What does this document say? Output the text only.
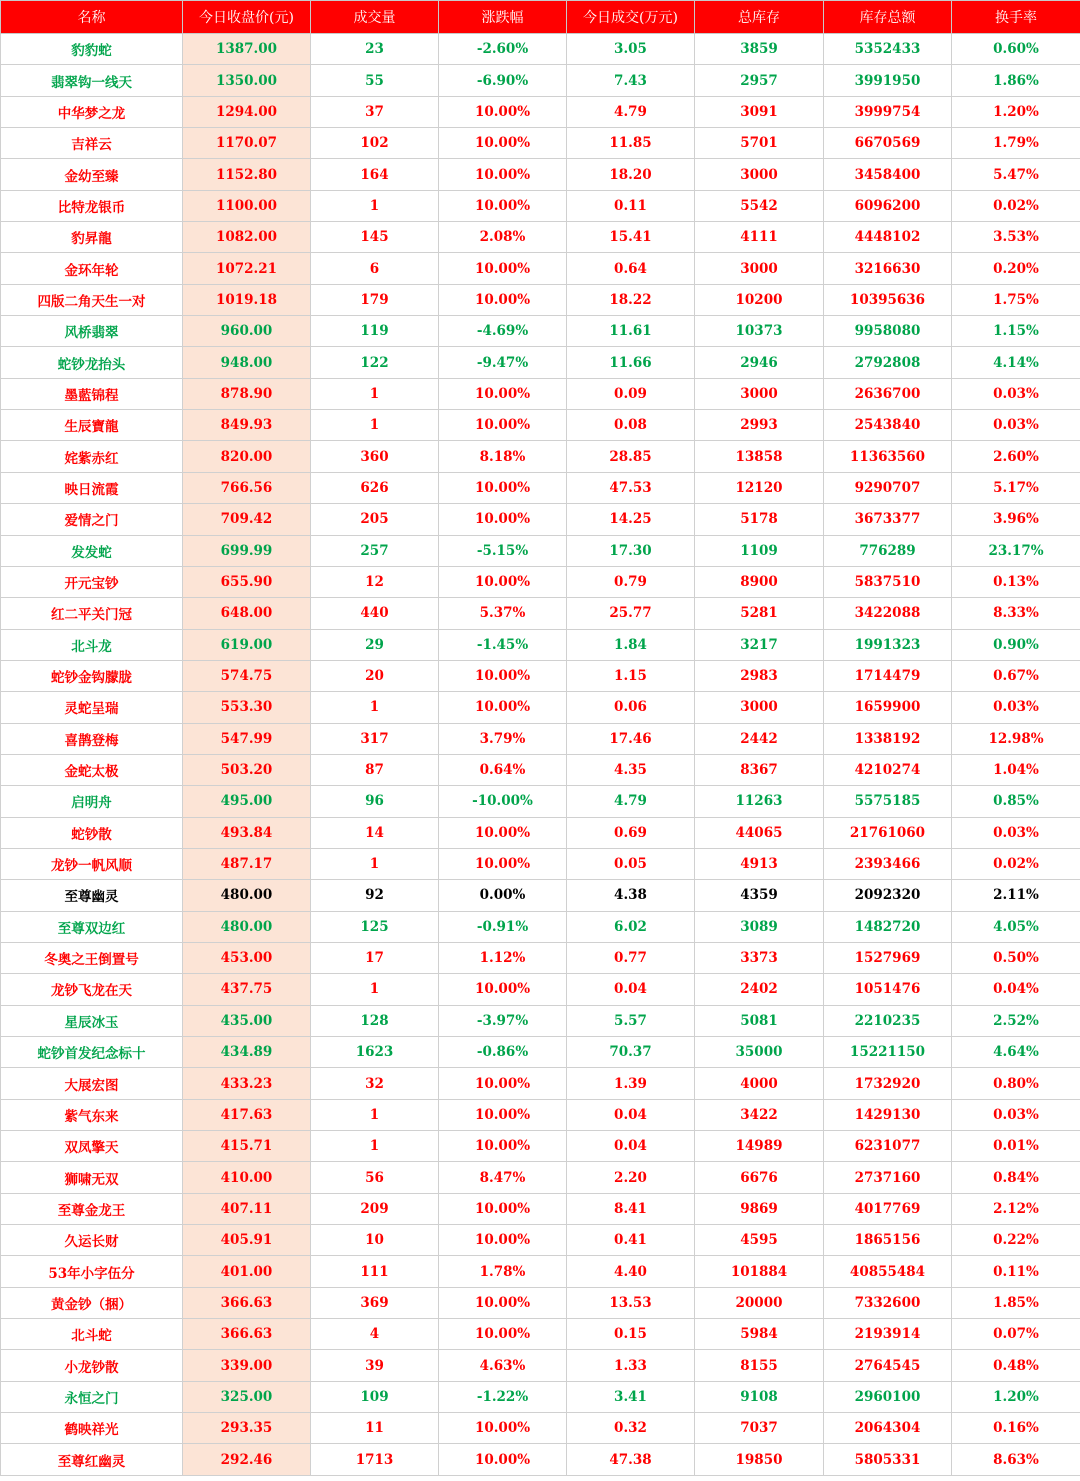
名称	今日收盘价(元)	成交量	涨跌幅	今日成交(万元)	总库存	库存总额	换手率
豹豹蛇	1387.00	23	-2.60%	3.05	3859	5352433	0.60%
翡翠钩一线天	1350.00	55	-6.90%	7.43	2957	3991950	1.86%
中华梦之龙	1294.00	37	10.00%	4.79	3091	3999754	1.20%
吉祥云	1170.07	102	10.00%	11.85	5701	6670569	1.79%
金幼至臻	1152.80	164	10.00%	18.20	3000	3458400	5.47%
比特龙银币	1100.00	1	10.00%	0.11	5542	6096200	0.02%
豹昇龍	1082.00	145	2.08%	15.41	4111	4448102	3.53%
金环年轮	1072.21	6	10.00%	0.64	3000	3216630	0.20%
四版二角天生一对	1019.18	179	10.00%	18.22	10200	10395636	1.75%
风桥翡翠	960.00	119	-4.69%	11.61	10373	9958080	1.15%
蛇钞龙抬头	948.00	122	-9.47%	11.66	2946	2792808	4.14%
墨藍锦程	878.90	1	10.00%	0.09	3000	2636700	0.03%
生辰寶龍	849.93	1	10.00%	0.08	2993	2543840	0.03%
姹紫赤红	820.00	360	8.18%	28.85	13858	11363560	2.60%
映日流霞	766.56	626	10.00%	47.53	12120	9290707	5.17%
爱情之门	709.42	205	10.00%	14.25	5178	3673377	3.96%
发发蛇	699.99	257	-5.15%	17.30	1109	776289	23.17%
开元宝钞	655.90	12	10.00%	0.79	8900	5837510	0.13%
红二平关门冠	648.00	440	5.37%	25.77	5281	3422088	8.33%
北斗龙	619.00	29	-1.45%	1.84	3217	1991323	0.90%
蛇钞金钩朦胧	574.75	20	10.00%	1.15	2983	1714479	0.67%
灵蛇呈瑞	553.30	1	10.00%	0.06	3000	1659900	0.03%
喜鹊登梅	547.99	317	3.79%	17.46	2442	1338192	12.98%
金蛇太极	503.20	87	0.64%	4.35	8367	4210274	1.04%
启明舟	495.00	96	-10.00%	4.79	11263	5575185	0.85%
蛇钞散	493.84	14	10.00%	0.69	44065	21761060	0.03%
龙钞一帆风顺	487.17	1	10.00%	0.05	4913	2393466	0.02%
至尊幽灵	480.00	92	0.00%	4.38	4359	2092320	2.11%
至尊双边红	480.00	125	-0.91%	6.02	3089	1482720	4.05%
冬奥之王倒置号	453.00	17	1.12%	0.77	3373	1527969	0.50%
龙钞飞龙在天	437.75	1	10.00%	0.04	2402	1051476	0.04%
星辰冰玉	435.00	128	-3.97%	5.57	5081	2210235	2.52%
蛇钞首发纪念标十	434.89	1623	-0.86%	70.37	35000	15221150	4.64%
大展宏图	433.23	32	10.00%	1.39	4000	1732920	0.80%
紫气东来	417.63	1	10.00%	0.04	3422	1429130	0.03%
双凤擎天	415.71	1	10.00%	0.04	14989	6231077	0.01%
狮啸无双	410.00	56	8.47%	2.20	6676	2737160	0.84%
至尊金龙王	407.11	209	10.00%	8.41	9869	4017769	2.12%
久运长财	405.91	10	10.00%	0.41	4595	1865156	0.22%
53年小字伍分	401.00	111	1.78%	4.40	101884	40855484	0.11%
黄金钞（捆）	366.63	369	10.00%	13.53	20000	7332600	1.85%
北斗蛇	366.63	4	10.00%	0.15	5984	2193914	0.07%
小龙钞散	339.00	39	4.63%	1.33	8155	2764545	0.48%
永恒之门	325.00	109	-1.22%	3.41	9108	2960100	1.20%
鹤映祥光	293.35	11	10.00%	0.32	7037	2064304	0.16%
至尊红幽灵	292.46	1713	10.00%	47.38	19850	5805331	8.63%
